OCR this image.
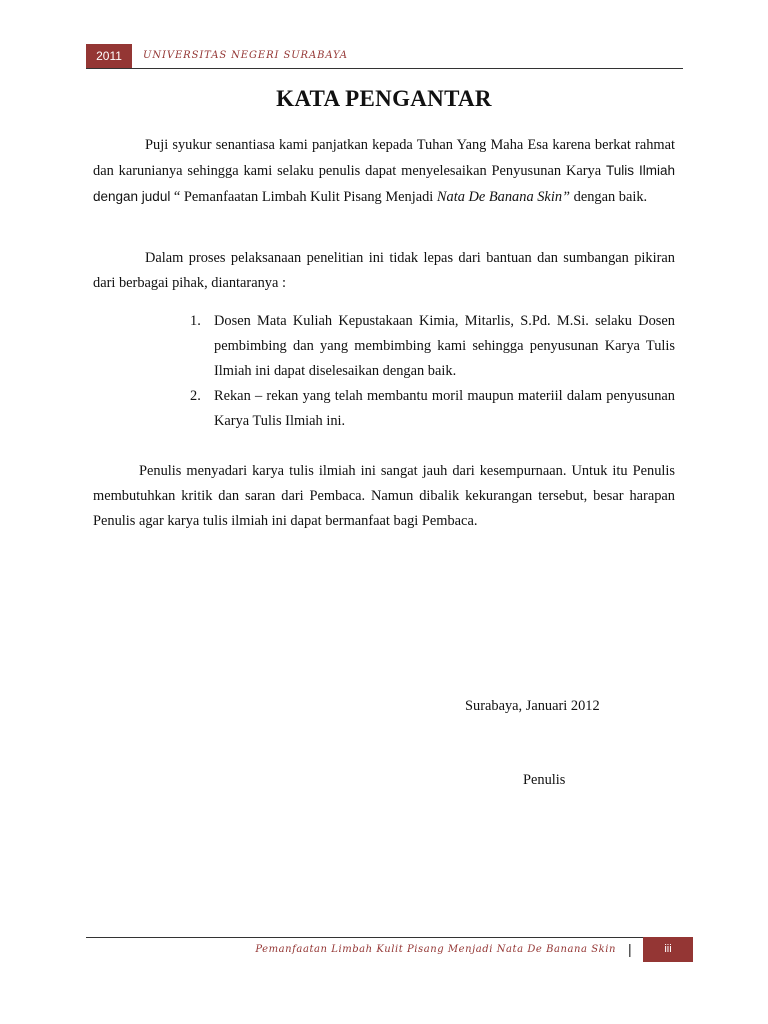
2011	UNIVERSITAS NEGERI SURABAYA
KATA PENGANTAR

Puji syukur senantiasa kami panjatkan kepada Tuhan Yang Maha Esa karena berkat rahmat dan karunianya sehingga kami selaku penulis dapat menyelesaikan Penyusunan Karya Tulis Ilmiah dengan judul “ Pemanfaatan Limbah Kulit Pisang Menjadi Nata De Banana Skin” dengan baik.

Dalam proses pelaksanaan penelitian ini tidak lepas dari bantuan dan sumbangan pikiran dari berbagai pihak, diantaranya :

1. Dosen Mata Kuliah Kepustakaan Kimia, Mitarlis, S.Pd. M.Si. selaku Dosen pembimbing dan yang membimbing kami sehingga penyusunan Karya Tulis Ilmiah ini dapat diselesaikan dengan baik.
2. Rekan – rekan yang telah membantu moril maupun materiil dalam penyusunan Karya Tulis Ilmiah ini.

Penulis menyadari karya tulis ilmiah ini sangat jauh dari kesempurnaan. Untuk itu Penulis membutuhkan kritik dan saran dari Pembaca. Namun dibalik kekurangan tersebut, besar harapan Penulis agar karya tulis ilmiah ini dapat bermanfaat bagi Pembaca.

Surabaya, Januari 2012
Penulis
Pemanfaatan Limbah Kulit Pisang Menjadi Nata De Banana Skin |	iii
